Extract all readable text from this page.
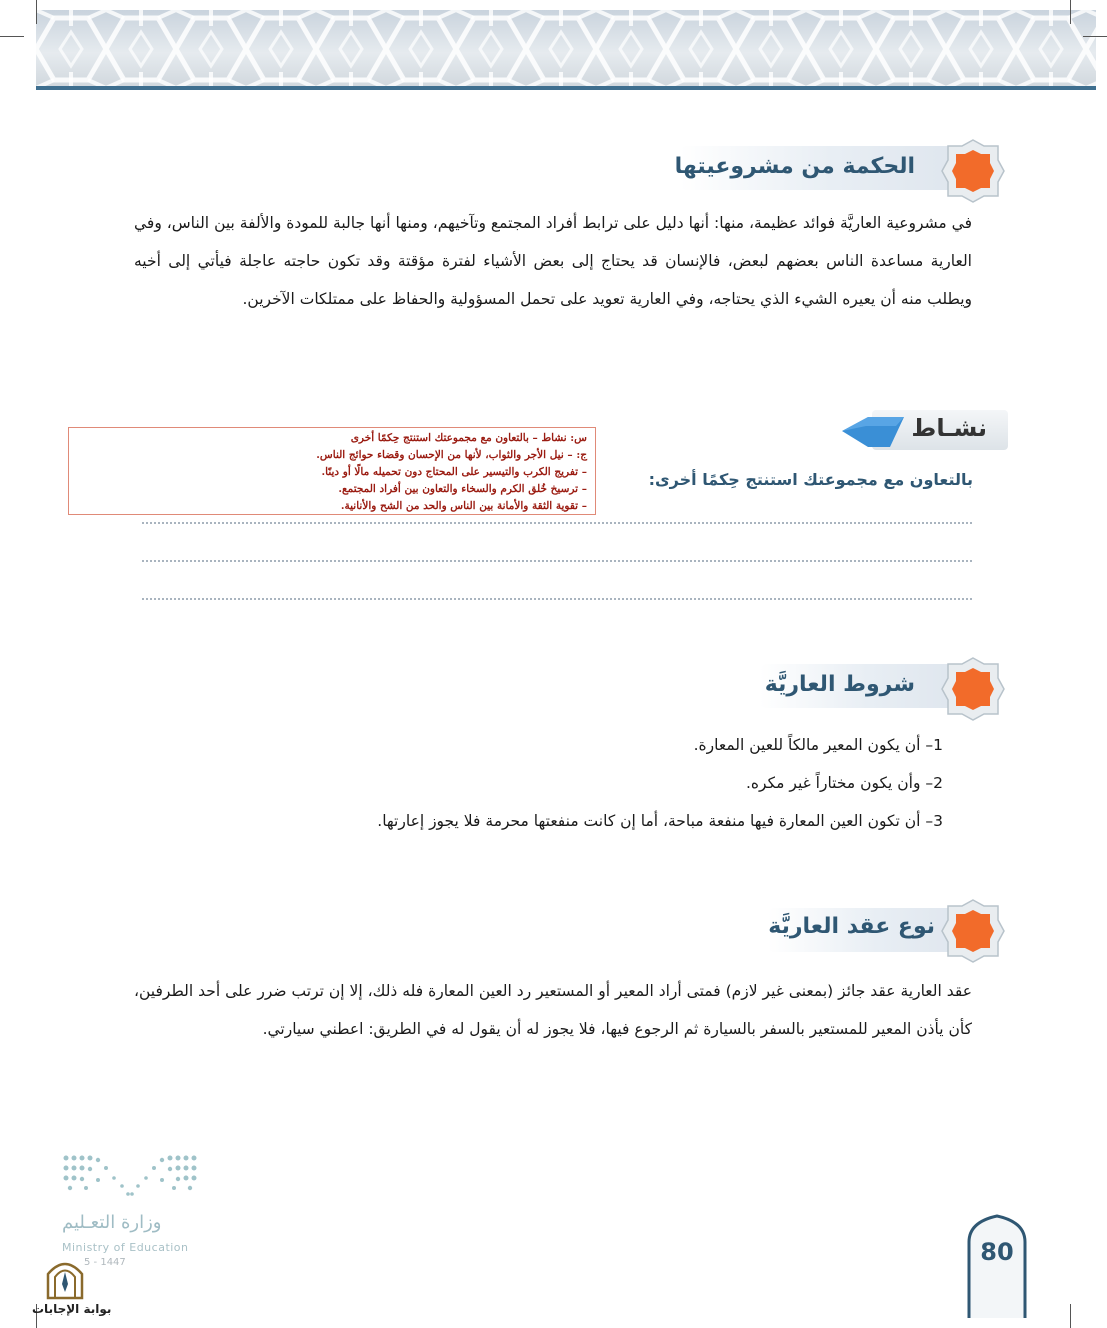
الحكمة من مشروعيتها
في مشروعية العاريَّة فوائد عظيمة، منها: أنها دليل على ترابط أفراد المجتمع وتآخيهم، ومنها أنها جالبة للمودة والألفة بين الناس، وفي العارية مساعدة الناس بعضهم لبعض، فالإنسان قد يحتاج إلى بعض الأشياء لفترة مؤقتة وقد تكون حاجته عاجلة فيأتي إلى أخيه ويطلب منه أن يعيره الشيء الذي يحتاجه، وفي العارية تعويد على تحمل المسؤولية والحفاظ على ممتلكات الآخرين.
نشـاط
بالتعاون مع مجموعتك استنتج حِكمًا أخرى:
س: نشاط – بالتعاون مع مجموعتك استنتج حِكمًا أخرى
ج: – نيل الأجر والثواب، لأنها من الإحسان وقضاء حوائج الناس.
– تفريج الكرب والتيسير على المحتاج دون تحميله مالًا أو دينًا.
– ترسيخ خُلق الكرم والسخاء والتعاون بين أفراد المجتمع.
– تقوية الثقة والأمانة بين الناس والحد من الشح والأنانية.
شروط العاريَّة
1– أن يكون المعير مالكاً للعين المعارة.
2– وأن يكون مختاراً غير مكره.
3– أن تكون العين المعارة فيها منفعة مباحة، أما إن كانت منفعتها محرمة فلا يجوز إعارتها.
نوع عقد العاريَّة
عقد العارية عقد جائز (بمعنى غير لازم) فمتى أراد المعير أو المستعير رد العين المعارة فله ذلك، إلا إن ترتب ضرر على أحد الطرفين، كأن يأذن المعير للمستعير بالسفر بالسيارة ثم الرجوع فيها، فلا يجوز له أن يقول له في الطريق: اعطني سيارتي.
وزارة التعـليم
Ministry of Education
5 - 1447
بوابة الإجابات
80
